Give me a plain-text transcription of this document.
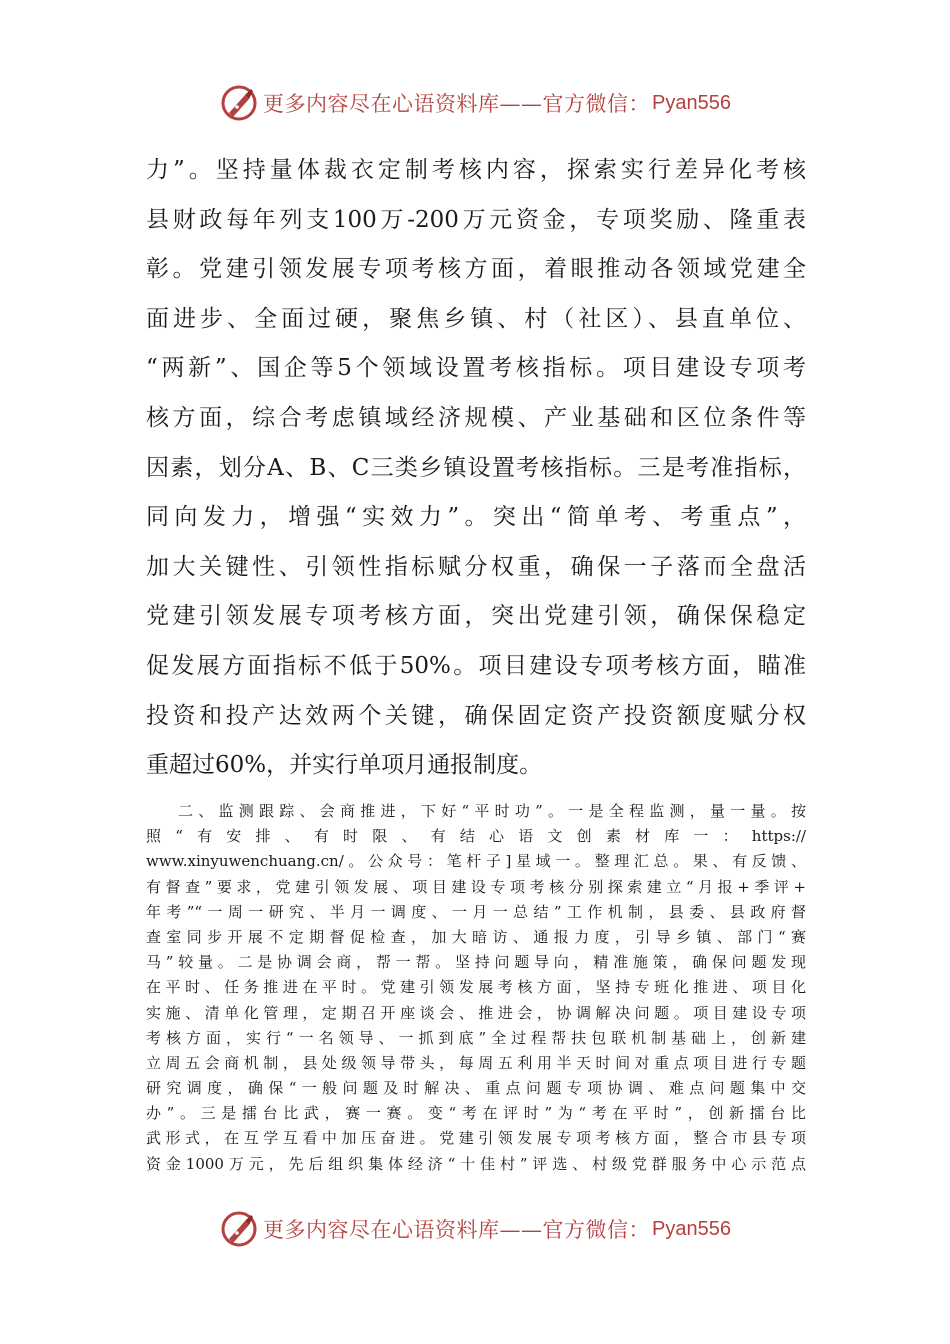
更多内容尽在心语资料库——官方微信： Pyan556
力”。坚持量体裁衣定制考核内容，探索实行差异化考核
县财政每年列支100万-200万元资金，专项奖励、隆重表
彰。党建引领发展专项考核方面，着眼推动各领域党建全
面进步、全面过硬，聚焦乡镇、村（社区）、县直单位、
“两新”、国企等5个领域设置考核指标。项目建设专项考
核方面，综合考虑镇域经济规模、产业基础和区位条件等
因素，划分A、B、C三类乡镇设置考核指标。三是考准指标，
同向发力，增强“实效力”。突出“简单考、考重点”，
加大关键性、引领性指标赋分权重，确保一子落而全盘活
党建引领发展专项考核方面，突出党建引领，确保保稳定
促发展方面指标不低于50%。项目建设专项考核方面，瞄准
投资和投产达效两个关键，确保固定资产投资额度赋分权
重超过60%，并实行单项月通报制度。
二、监测跟踪、会商推进，下好“平时功”。一是全程监测，量一量。按
照“有安排、有时限、有结心语文创素材库一：https://
www.xinyuwenchuang.cn/。公众号：笔杆子]星域一。整理汇总。果、有反馈、
有督查”要求，党建引领发展、项目建设专项考核分别探索建立“月报+季评+
年考”“一周一研究、半月一调度、一月一总结”工作机制，县委、县政府督
查室同步开展不定期督促检查，加大暗访、通报力度，引导乡镇、部门“赛
马”较量。二是协调会商，帮一帮。坚持问题导向，精准施策，确保问题发现
在平时、任务推进在平时。党建引领发展考核方面，坚持专班化推进、项目化
实施、清单化管理，定期召开座谈会、推进会，协调解决问题。项目建设专项
考核方面，实行“一名领导、一抓到底”全过程帮扶包联机制基础上，创新建
立周五会商机制，县处级领导带头，每周五利用半天时间对重点项目进行专题
研究调度，确保“一般问题及时解决、重点问题专项协调、难点问题集中交
办”。三是擂台比武，赛一赛。变“考在评时”为“考在平时”，创新擂台比
武形式，在互学互看中加压奋进。党建引领发展专项考核方面，整合市县专项
资金1000万元，先后组织集体经济“十佳村”评选、村级党群服务中心示范点
更多内容尽在心语资料库——官方微信： Pyan556
